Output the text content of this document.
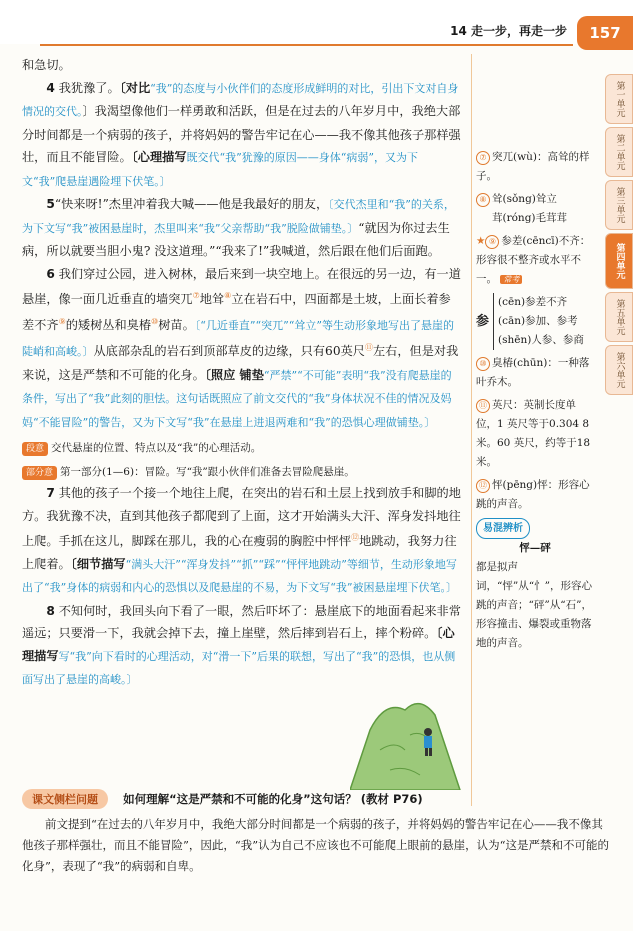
14 走一步，再走一步	157
第一单元
第二单元
第三单元
第四单元
第五单元
第六单元

和急切。

4 我犹豫了。〔对比“我”的态度与小伙伴们的态度形成鲜明的对比，引出下文对自身情况的交代。〕我渴望像他们一样勇敢和活跃，但是在过去的八年岁月中，我绝大部分时间都是一个病弱的孩子，并将妈妈的警告牢记在心——我不像其他孩子那样强壮，而且不能冒险。〔心理描写既交代“我”犹豫的原因——身体“病弱”，又为下文“我”爬悬崖遇险埋下伏笔。〕

5“快来呀!”杰里冲着我大喊——他是我最好的朋友，〔交代杰里和“我”的关系，为下文写“我”被困悬崖时，杰里叫来“我”父亲帮助“我”脱险做铺垫。〕“就因为你过去生病，所以就要当胆小鬼? 没这道理。”“我来了!”我喊道，然后跟在他们后面跑。

6 我们穿过公园，进入树林，最后来到一块空地上。在很远的另一边，有一道悬崖，像一面几近垂直的墙突兀⑦地耸⑧立在岩石中，四面都是土坡，上面长着参差不齐⑨的矮树丛和臭椿⑩树苗。〔“几近垂直”“突兀”“耸立”等生动形象地写出了悬崖的陡峭和高峻。〕从底部杂乱的岩石到顶部草皮的边缘，只有60英尺⑪左右，但是对我来说，这是严禁和不可能的化身。〔照应 铺垫“严禁”“不可能”表明“我”没有爬悬崖的条件，写出了“我”此刻的胆怯。这句话既照应了前文交代的“我”身体状况不佳的情况及妈妈“不能冒险”的警告，又为下文写“我”在悬崖上进退两难和“我”的恐惧心理做铺垫。〕

段意 交代悬崖的位置、特点以及“我”的心理活动。
部分意 第一部分(1—6)：冒险。写“我”跟小伙伴们准备去冒险爬悬崖。

7 其他的孩子一个接一个地往上爬，在突出的岩石和土层上找到放手和脚的地方。我犹豫不决，直到其他孩子都爬到了上面，这才开始满头大汗、浑身发抖地往上爬。手抓在这儿，脚踩在那儿，我的心在瘦弱的胸腔中怦怦⑫地跳动，我努力往上爬着。〔细节描写“满头大汗”“浑身发抖”“抓”“踩”“怦怦地跳动”等细节，生动形象地写出了“我”身体的病弱和内心的恐惧以及爬悬崖的不易，为下文写“我”被困悬崖埋下伏笔。〕

8 不知何时，我回头向下看了一眼，然后吓坏了：悬崖底下的地面看起来非常遥远；只要滑一下，我就会掉下去，撞上崖壁，然后摔到岩石上，摔个粉碎。〔心理描写写“我”向下看时的心理活动，对“滑一下”后果的联想，写出了“我”的恐惧，也从侧面写出了悬崖的高峻。〕

⑦ 突兀(wù)：高耸的样子。
⑧ 耸(sǒng)耸立
茸(róng)毛茸茸
★ ⑨ 参差(cēncī)不齐：形容很不整齐或水平不一。 常考
参
(cēn)参差不齐
(cān)参加、参考
(shēn)人参、参商
⑩ 臭椿(chūn)：一种落叶乔木。
⑪ 英尺：英制长度单位，1 英尺等于0.304 8 米。60 英尺，约等于18 米。
⑫ 怦(pēng)怦：形容心跳的声音。
易混辨析
怦—砰
都是拟声词，“怦”从“忄”，形容心跳的声音；“砰”从“石”，形容撞击、爆裂或重物落地的声音。
课文侧栏问题 如何理解“这是严禁和不可能的化身”这句话？ (教材 P76)
前文提到“在过去的八年岁月中，我绝大部分时间都是一个病弱的孩子，并将妈妈的警告牢记在心——我不像其他孩子那样强壮，而且不能冒险”，因此，“我”认为自己不应该也不可能爬上眼前的悬崖，认为“这是严禁和不可能的化身”，表现了“我”的病弱和自卑。
